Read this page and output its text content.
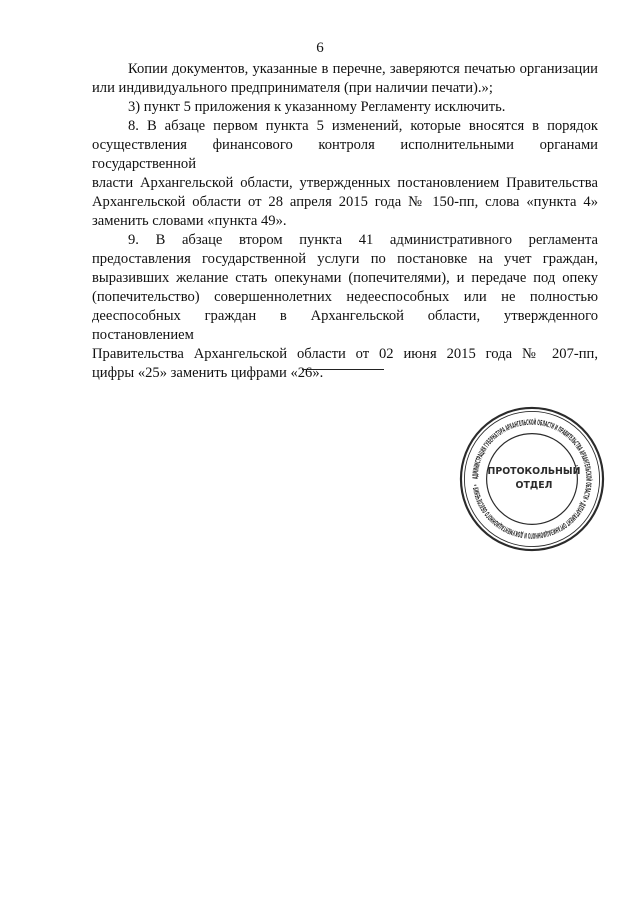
6

Копии документов, указанные в перечне, заверяются печатью организации
или индивидуального предпринимателя (при наличии печати).»;

3) пункт 5 приложения к указанному Регламенту исключить.

8. В абзаце первом пункта 5 изменений, которые вносятся в порядок
осуществления финансового контроля исполнительными органами государственной
власти Архангельской области, утвержденных постановлением Правительства
Архангельской области от 28 апреля 2015 года № 150-пп, слова «пункта 4»
заменить словами «пункта 49».

9. В абзаце втором пункта 41 административного регламента
предоставления государственной услуги по постановке на учет граждан,
выразивших желание стать опекунами (попечителями), и передаче под опеку
(попечительство) совершеннолетних недееспособных или не полностью
дееспособных граждан в Архангельской области, утвержденного постановлением
Правительства Архангельской области от 02 июня 2015 года № 207-пп,
цифры «25» заменить цифрами «26».

АДМИНИСТРАЦИЯ ГУБЕРНАТОРА АРХАНГЕЛЬСКОЙ ОБЛАСТИ И ПРАВИТЕЛЬСТВА АРХАНГЕЛЬСКОЙ ОБЛАСТИ • ДЕПАРТАМЕНТ ОРГАНИЗАЦИОННОГО И ДОКУМЕНТАЦИОННОГО ОБЕСПЕЧЕНИЯ •
ПРОТОКОЛЬНЫЙ
ОТДЕЛ
